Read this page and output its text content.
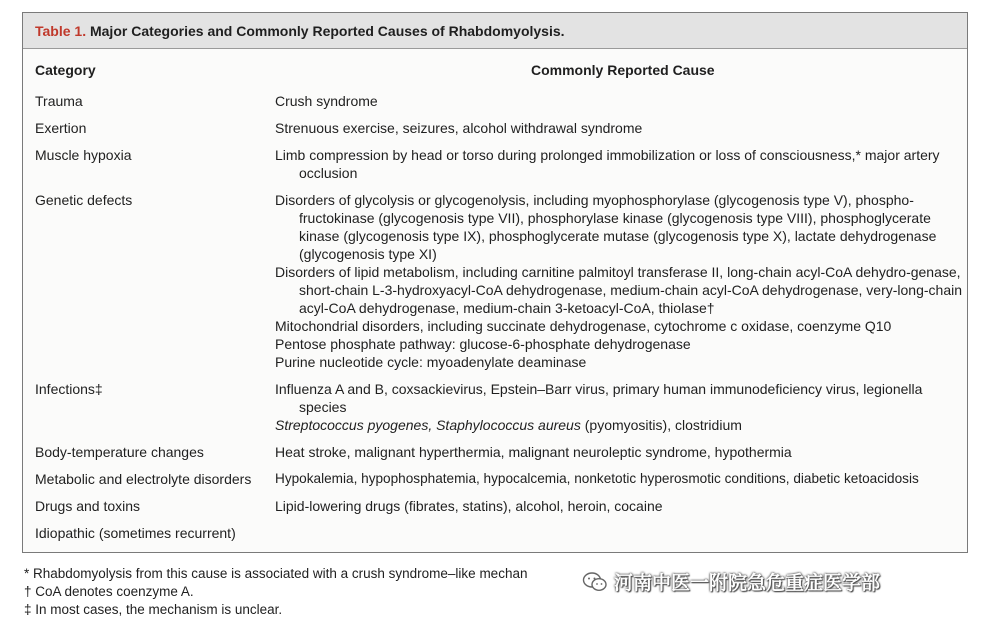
Table 1. Major Categories and Commonly Reported Causes of Rhabdomyolysis.
Category	Commonly Reported Cause
Trauma	Crush syndrome

Exertion	Strenuous exercise, seizures, alcohol withdrawal syndrome

Muscle hypoxia	Limb compression by head or torso during prolonged immobilization or loss of consciousness,* major artery occlusion

Genetic defects	Disorders of glycolysis or glycogenolysis, including myophosphorylase (glycogenosis type V), phospho-fructokinase (glycogenosis type VII), phosphorylase kinase (glycogenosis type VIII), phosphoglycerate kinase (glycogenosis type IX), phosphoglycerate mutase (glycogenosis type X), lactate dehydrogenase (glycogenosis type XI)

Disorders of lipid metabolism, including carnitine palmitoyl transferase II, long-chain acyl-CoA dehydro-genase, short-chain L-3-hydroxyacyl-CoA dehydrogenase, medium-chain acyl-CoA dehydrogenase, very-long-chain acyl-CoA dehydrogenase, medium-chain 3-ketoacyl-CoA, thiolase†

Mitochondrial disorders, including succinate dehydrogenase, cytochrome c oxidase, coenzyme Q10

Pentose phosphate pathway: glucose-6-phosphate dehydrogenase

Purine nucleotide cycle: myoadenylate deaminase

Infections‡	Influenza A and B, coxsackievirus, Epstein–Barr virus, primary human immunodeficiency virus, legionella species

Streptococcus pyogenes, Staphylococcus aureus (pyomyositis), clostridium

Body-temperature changes	Heat stroke, malignant hyperthermia, malignant neuroleptic syndrome, hypothermia

Metabolic and electrolyte disorders	Hypokalemia, hypophosphatemia, hypocalcemia, nonketotic hyperosmotic conditions, diabetic ketoacidosis

Drugs and toxins	Lipid-lowering drugs (fibrates, statins), alcohol, heroin, cocaine

Idiopathic (sometimes recurrent)

* Rhabdomyolysis from this cause is associated with a crush syndrome–like mechan

† CoA denotes coenzyme A.

‡ In most cases, the mechanism is unclear.

河南中医一附院急危重症医学部
